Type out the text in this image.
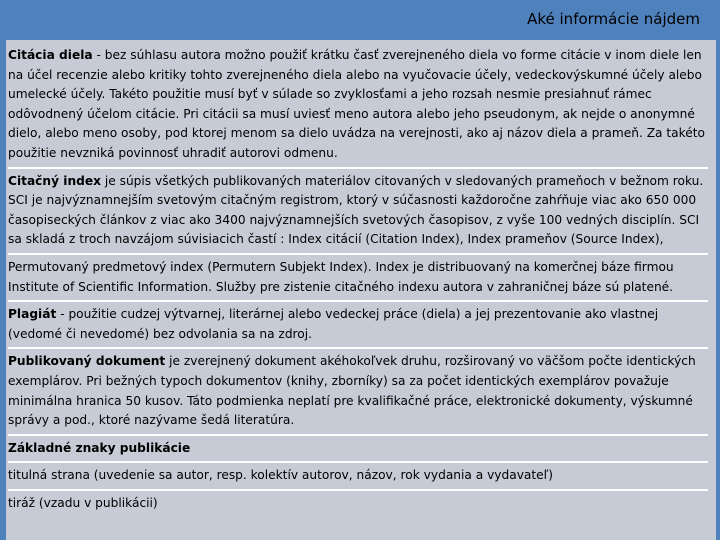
Aké informácie nájdem
Citácia diela - bez súhlasu autora možno použiť krátku časť zverejneného diela vo forme citácie v inom diele len na účel recenzie alebo kritiky tohto zverejneného diela alebo na vyučovacie účely, vedeckovýskumné účely alebo umelecké účely. Takéto použitie musí byť v súlade so zvyklosťami a jeho rozsah nesmie presiahnuť rámec odôvodnený účelom citácie. Pri citácii sa musí uviesť meno autora alebo jeho pseudonym, ak nejde o anonymné dielo, alebo meno osoby, pod ktorej menom sa dielo uvádza na verejnosti, ako aj názov diela a prameň. Za takéto použitie nevzniká povinnosť uhradiť autorovi odmenu.
Citačný index je súpis všetkých publikovaných materiálov citovaných v sledovaných prameňoch v bežnom roku. SCI je najvýznamnejším svetovým citačným registrom, ktorý v súčasnosti každoročne zahŕňuje viac ako 650 000 časopiseckých článkov z viac ako 3400 najvýznamnejších svetových časopisov, z vyše 100 vedných disciplín. SCI sa skladá z troch navzájom súvisiacich častí : Index citácií (Citation Index), Index prameňov (Source Index),
Permutovaný predmetový index (Permutern Subjekt Index). Index je distribuovaný na komerčnej báze firmou Institute of Scientific Information. Služby pre zistenie citačného indexu autora v zahraničnej báze sú platené.
Plagiát - použitie cudzej výtvarnej, literárnej alebo vedeckej práce (diela) a jej prezentovanie ako vlastnej (vedomé či nevedomé) bez odvolania sa na zdroj.
Publikovaný dokument je zverejnený dokument akéhokoľvek druhu, rozširovaný vo väčšom počte identických exemplárov. Pri bežných typoch dokumentov (knihy, zborníky) sa za počet identických exemplárov považuje minimálna hranica 50 kusov. Táto podmienka neplatí pre kvalifikačné práce, elektronické dokumenty, výskumné správy a pod., ktoré nazývame šedá literatúra.
Základné znaky publikácie
titulná strana (uvedenie sa autor, resp. kolektív autorov, názov, rok vydania a vydavateľ)
tiráž (vzadu v publikácii)
